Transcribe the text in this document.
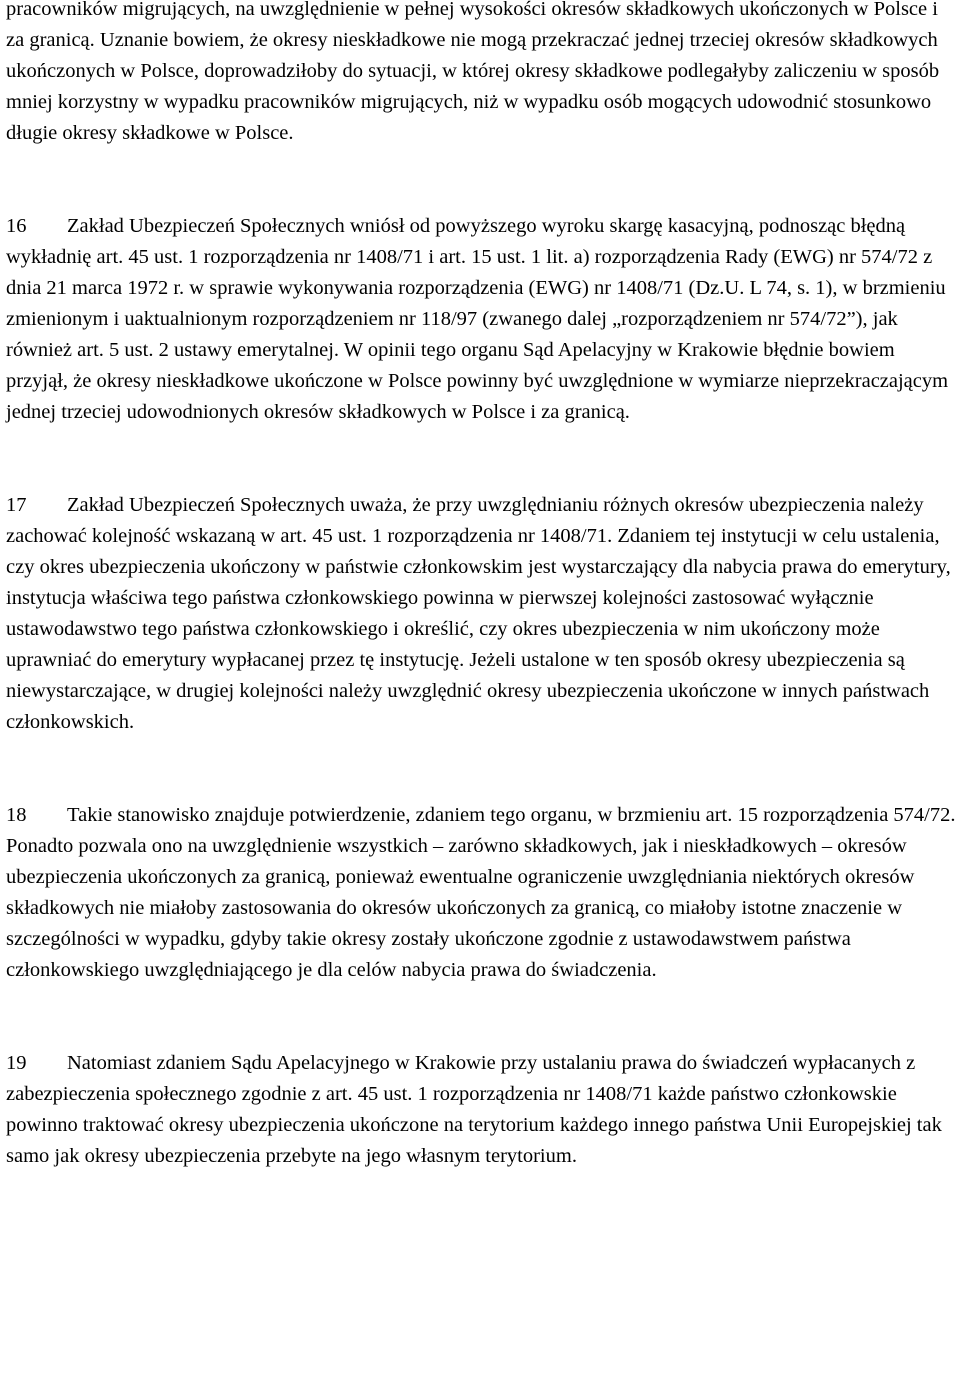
pracowników migrujących, na uwzględnienie w pełnej wysokości okresów składkowych ukończonych w Polsce i za granicą. Uznanie bowiem, że okresy nieskładkowe nie mogą przekraczać jednej trzeciej okresów składkowych ukończonych w Polsce, doprowadziłoby do sytuacji, w której okresy składkowe podlegałyby zaliczeniu w sposób mniej korzystny w wypadku pracowników migrujących, niż w wypadku osób mogących udowodnić stosunkowo długie okresy składkowe w Polsce.

16 Zakład Ubezpieczeń Społecznych wniósł od powyższego wyroku skargę kasacyjną, podnosząc błędną wykładnię art. 45 ust. 1 rozporządzenia nr 1408/71 i art. 15 ust. 1 lit. a) rozporządzenia Rady (EWG) nr 574/72 z dnia 21 marca 1972 r. w sprawie wykonywania rozporządzenia (EWG) nr 1408/71 (Dz.U. L 74, s. 1), w brzmieniu zmienionym i uaktualnionym rozporządzeniem nr 118/97 (zwanego dalej „rozporządzeniem nr 574/72”), jak również art. 5 ust. 2 ustawy emerytalnej. W opinii tego organu Sąd Apelacyjny w Krakowie błędnie bowiem przyjął, że okresy nieskładkowe ukończone w Polsce powinny być uwzględnione w wymiarze nieprzekraczającym jednej trzeciej udowodnionych okresów składkowych w Polsce i za granicą.

17 Zakład Ubezpieczeń Społecznych uważa, że przy uwzględnianiu różnych okresów ubezpieczenia należy zachować kolejność wskazaną w art. 45 ust. 1 rozporządzenia nr 1408/71. Zdaniem tej instytucji w celu ustalenia, czy okres ubezpieczenia ukończony w państwie członkowskim jest wystarczający dla nabycia prawa do emerytury, instytucja właściwa tego państwa członkowskiego powinna w pierwszej kolejności zastosować wyłącznie ustawodawstwo tego państwa członkowskiego i określić, czy okres ubezpieczenia w nim ukończony może uprawniać do emerytury wypłacanej przez tę instytucję. Jeżeli ustalone w ten sposób okresy ubezpieczenia są niewystarczające, w drugiej kolejności należy uwzględnić okresy ubezpieczenia ukończone w innych państwach członkowskich.

18 Takie stanowisko znajduje potwierdzenie, zdaniem tego organu, w brzmieniu art. 15 rozporządzenia 574/72. Ponadto pozwala ono na uwzględnienie wszystkich – zarówno składkowych, jak i nieskładkowych – okresów ubezpieczenia ukończonych za granicą, ponieważ ewentualne ograniczenie uwzględniania niektórych okresów składkowych nie miałoby zastosowania do okresów ukończonych za granicą, co miałoby istotne znaczenie w szczególności w wypadku, gdyby takie okresy zostały ukończone zgodnie z ustawodawstwem państwa członkowskiego uwzględniającego je dla celów nabycia prawa do świadczenia.

19 Natomiast zdaniem Sądu Apelacyjnego w Krakowie przy ustalaniu prawa do świadczeń wypłacanych z zabezpieczenia społecznego zgodnie z art. 45 ust. 1 rozporządzenia nr 1408/71 każde państwo członkowskie powinno traktować okresy ubezpieczenia ukończone na terytorium każdego innego państwa Unii Europejskiej tak samo jak okresy ubezpieczenia przebyte na jego własnym terytorium.
